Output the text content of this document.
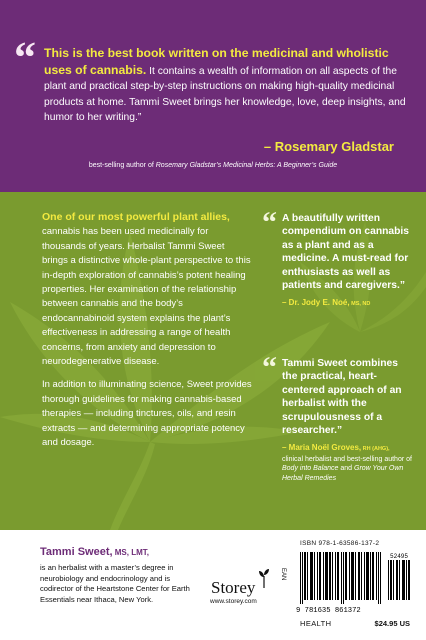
“ This is the best book written on the medicinal and wholistic uses of cannabis. It contains a wealth of information on all aspects of the plant and practical step-by-step instructions on making high-quality medicinal products at home. Tammi Sweet brings her knowledge, love, deep insights, and humor to her writing.”
– Rosemary Gladstar
best-selling author of Rosemary Gladstar’s Medicinal Herbs: A Beginner’s Guide

One of our most powerful plant allies, cannabis has been used medicinally for thousands of years. Herbalist Tammi Sweet brings a distinctive whole-plant perspective to this in-depth exploration of cannabis’s potent healing properties. Her examination of the relationship between cannabis and the body’s endocannabinoid system explains the plant’s effectiveness in addressing a range of health concerns, from anxiety and depression to neurodegenerative disease.

In addition to illuminating science, Sweet provides thorough guidelines for making cannabis-based therapies — including tinctures, oils, and resin extracts — and determining appropriate potency and dosage.

“ A beautifully written compendium on cannabis as a plant and as a medicine. A must-read for enthusiasts as well as patients and caregivers.”
– Dr. Jody E. Noé, MS, ND
“ Tammi Sweet combines the practical, heart-centered approach of an herbalist with the scrupulousness of a researcher.”
– Maria Noël Groves, RH (AHG),
clinical herbalist and best-selling author of Body into Balance and Grow Your Own Herbal Remedies
Tammi Sweet, MS, LMT,
is an herbalist with a master’s degree in neurobiology and endocrinology and is codirector of the Heartstone Center for Earth Essentials near Ithaca, New York.
Storey
www.storey.com
ISBN 978-1-63586-137-2
EAN
52495
9 781635 861372
HEALTH	$24.95 US
